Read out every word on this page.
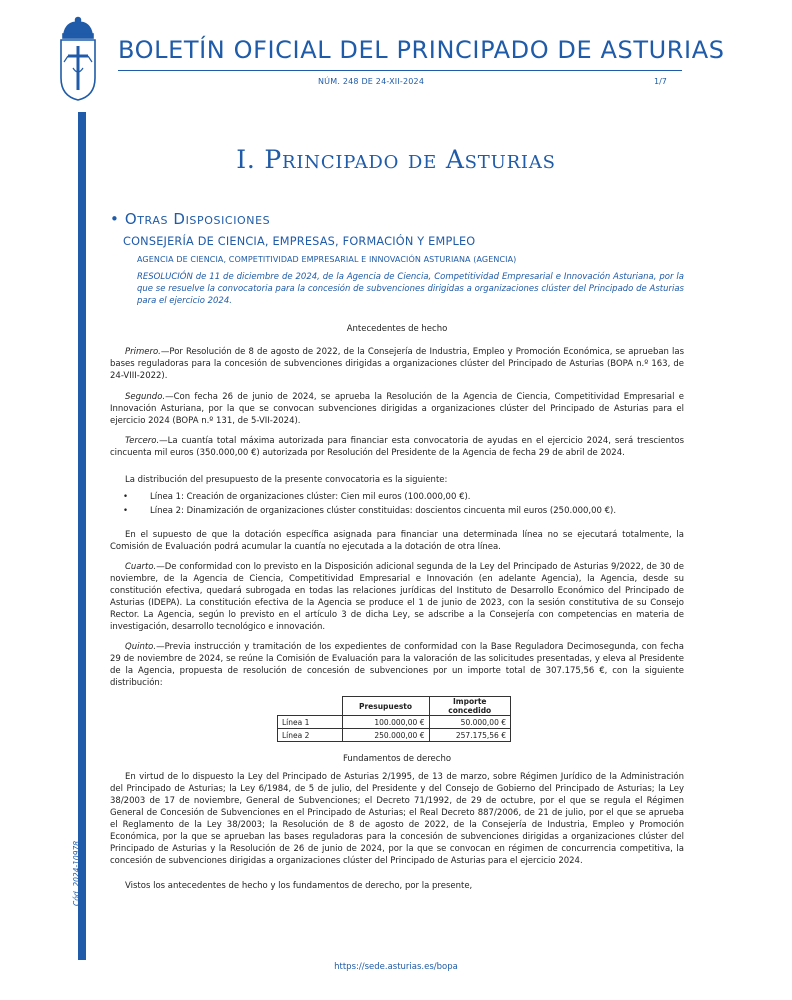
BOLETÍN OFICIAL DEL PRINCIPADO DE ASTURIAS
NÚM. 248 DE 24-XII-2024	1/7
Cód. 2024-10978
I. Principado de Asturias
• Otras Disposiciones
CONSEJERÍA DE CIENCIA, EMPRESAS, FORMACIÓN Y EMPLEO
AGENCIA DE CIENCIA, COMPETITIVIDAD EMPRESARIAL E INNOVACIÓN ASTURIANA (AGENCIA)
RESOLUCIÓN de 11 de diciembre de 2024, de la Agencia de Ciencia, Competitividad Empresarial e Innovación Asturiana, por la que se resuelve la convocatoria para la concesión de subvenciones dirigidas a organizaciones clúster del Principado de Asturias para el ejercicio 2024.
Antecedentes de hecho

Primero.—Por Resolución de 8 de agosto de 2022, de la Consejería de Industria, Empleo y Promoción Económica, se aprueban las bases reguladoras para la concesión de subvenciones dirigidas a organizaciones clúster del Principado de Asturias (BOPA n.º 163, de 24-VIII-2022).

Segundo.—Con fecha 26 de junio de 2024, se aprueba la Resolución de la Agencia de Ciencia, Competitividad Empresarial e Innovación Asturiana, por la que se convocan subvenciones dirigidas a organizaciones clúster del Principado de Asturias para el ejercicio 2024 (BOPA n.º 131, de 5-VII-2024).

Tercero.—La cuantía total máxima autorizada para financiar esta convocatoria de ayudas en el ejercicio 2024, será trescientos cincuenta mil euros (350.000,00 €) autorizada por Resolución del Presidente de la Agencia de fecha 29 de abril de 2024.

La distribución del presupuesto de la presente convocatoria es la siguiente:

•	Línea 1: Creación de organizaciones clúster: Cien mil euros (100.000,00 €).
•	Línea 2: Dinamización de organizaciones clúster constituidas: doscientos cincuenta mil euros (250.000,00 €).

En el supuesto de que la dotación específica asignada para financiar una determinada línea no se ejecutará totalmente, la Comisión de Evaluación podrá acumular la cuantía no ejecutada a la dotación de otra línea.

Cuarto.—De conformidad con lo previsto en la Disposición adicional segunda de la Ley del Principado de Asturias 9/2022, de 30 de noviembre, de la Agencia de Ciencia, Competitividad Empresarial e Innovación (en adelante Agencia), la Agencia, desde su constitución efectiva, quedará subrogada en todas las relaciones jurídicas del Instituto de Desarrollo Económico del Principado de Asturias (IDEPA). La constitución efectiva de la Agencia se produce el 1 de junio de 2023, con la sesión constitutiva de su Consejo Rector. La Agencia, según lo previsto en el artículo 3 de dicha Ley, se adscribe a la Consejería con competencias en materia de investigación, desarrollo tecnológico e innovación.

Quinto.—Previa instrucción y tramitación de los expedientes de conformidad con la Base Reguladora Decimosegunda, con fecha 29 de noviembre de 2024, se reúne la Comisión de Evaluación para la valoración de las solicitudes presentadas, y eleva al Presidente de la Agencia, propuesta de resolución de concesión de subvenciones por un importe total de 307.175,56 €, con la siguiente distribución:

	Presupuesto	Importe concedido
Línea 1	100.000,00 €	50.000,00 €
Línea 2	250.000,00 €	257.175,56 €
Fundamentos de derecho

En virtud de lo dispuesto la Ley del Principado de Asturias 2/1995, de 13 de marzo, sobre Régimen Jurídico de la Administración del Principado de Asturias; la Ley 6/1984, de 5 de julio, del Presidente y del Consejo de Gobierno del Principado de Asturias; la Ley 38/2003 de 17 de noviembre, General de Subvenciones; el Decreto 71/1992, de 29 de octubre, por el que se regula el Régimen General de Concesión de Subvenciones en el Principado de Asturias; el Real Decreto 887/2006, de 21 de julio, por el que se aprueba el Reglamento de la Ley 38/2003; la Resolución de 8 de agosto de 2022, de la Consejería de Industria, Empleo y Promoción Económica, por la que se aprueban las bases reguladoras para la concesión de subvenciones dirigidas a organizaciones clúster del Principado de Asturias y la Resolución de 26 de junio de 2024, por la que se convocan en régimen de concurrencia competitiva, la concesión de subvenciones dirigidas a organizaciones clúster del Principado de Asturias para el ejercicio 2024.

Vistos los antecedentes de hecho y los fundamentos de derecho, por la presente,

https://sede.asturias.es/bopa
